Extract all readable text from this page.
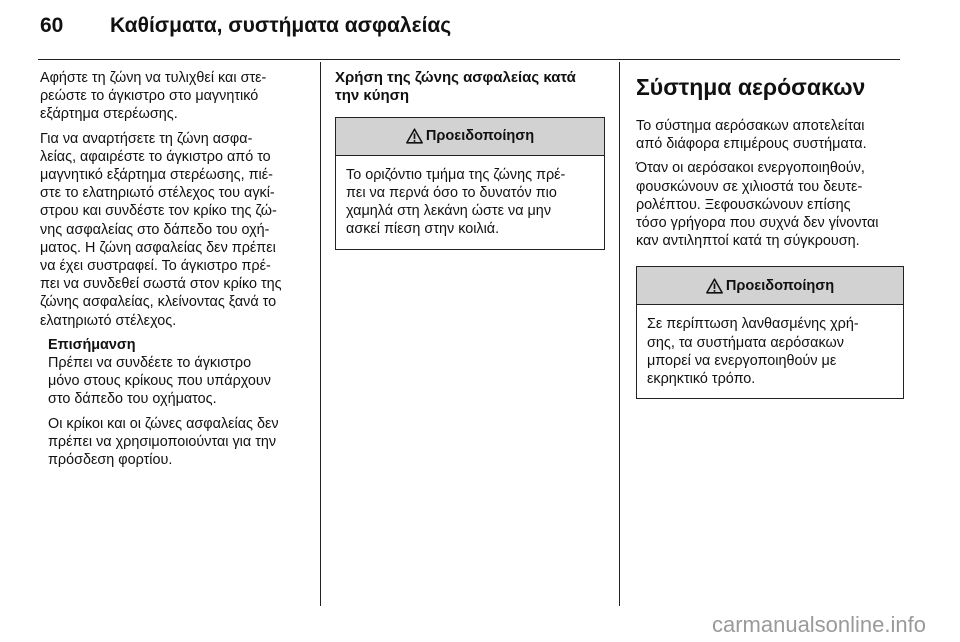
60	Καθίσματα, συστήματα ασφαλείας

Αφήστε τη ζώνη να τυλιχθεί και στε-
ρεώστε το άγκιστρο στο μαγνητικό
εξάρτημα στερέωσης.

Για να αναρτήσετε τη ζώνη ασφα-
λείας, αφαιρέστε το άγκιστρο από το
μαγνητικό εξάρτημα στερέωσης, πιέ-
στε το ελατηριωτό στέλεχος του αγκί-
στρου και συνδέστε τον κρίκο της ζώ-
νης ασφαλείας στο δάπεδο του οχή-
ματος. Η ζώνη ασφαλείας δεν πρέπει
να έχει συστραφεί. Το άγκιστρο πρέ-
πει να συνδεθεί σωστά στον κρίκο της
ζώνης ασφαλείας, κλείνοντας ξανά το
ελατηριωτό στέλεχος.

Επισήμανση

Πρέπει να συνδέετε το άγκιστρο
μόνο στους κρίκους που υπάρχουν
στο δάπεδο του οχήματος.

Οι κρίκοι και οι ζώνες ασφαλείας δεν
πρέπει να χρησιμοποιούνται για την
πρόσδεση φορτίου.

Χρήση της ζώνης ασφαλείας κατά
την κύηση
Προειδοποίηση
Το οριζόντιο τμήμα της ζώνης πρέ-
πει να περνά όσο το δυνατόν πιο
χαμηλά στη λεκάνη ώστε να μην
ασκεί πίεση στην κοιλιά.
Σύστημα αερόσακων

Το σύστημα αερόσακων αποτελείται
από διάφορα επιμέρους συστήματα.

Όταν οι αερόσακοι ενεργοποιηθούν,
φουσκώνουν σε χιλιοστά του δευτε-
ρολέπτου. Ξεφουσκώνουν επίσης
τόσο γρήγορα που συχνά δεν γίνονται
καν αντιληπτοί κατά τη σύγκρουση.

Προειδοποίηση
Σε περίπτωση λανθασμένης χρή-
σης, τα συστήματα αερόσακων
μπορεί να ενεργοποιηθούν με
εκρηκτικό τρόπο.
carmanualsonline.info
